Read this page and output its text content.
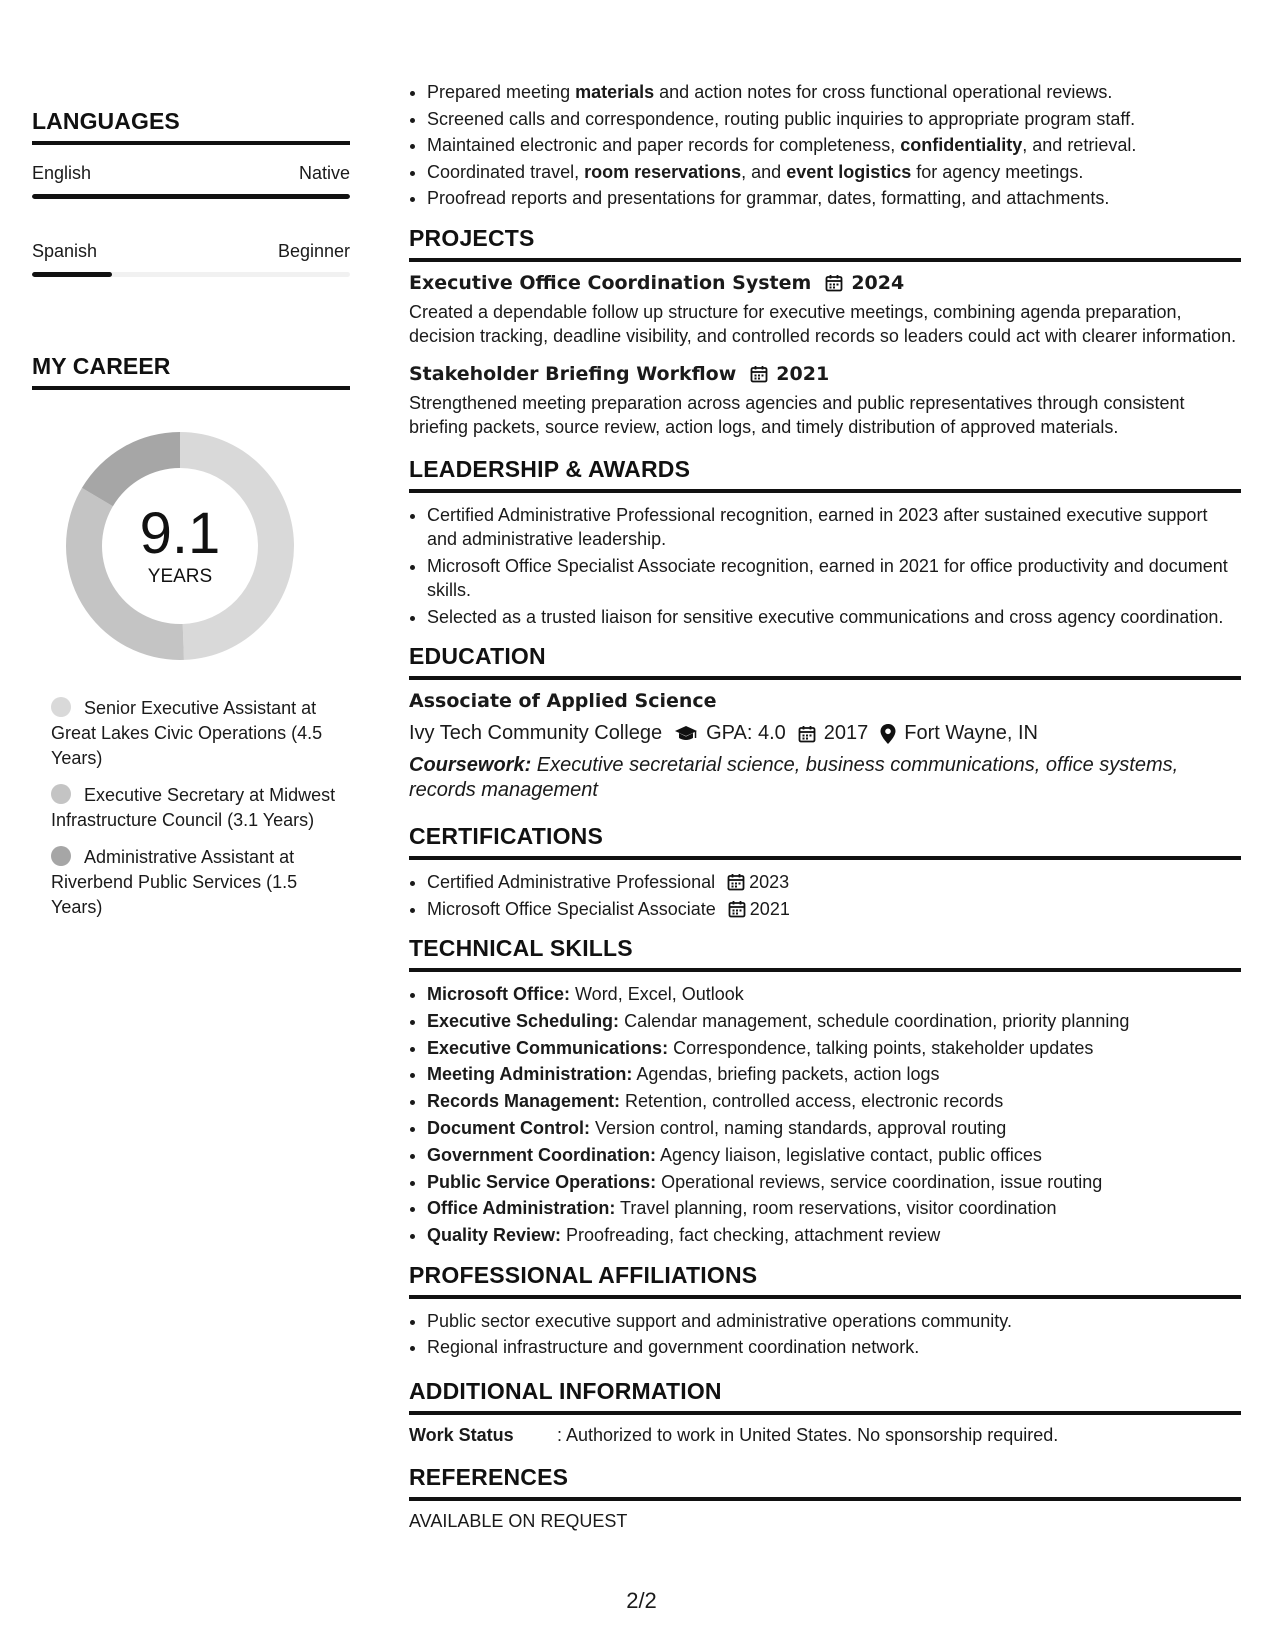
LANGUAGES
English	Native
Spanish	Beginner
MY CAREER
9.1
YEARS
Senior Executive Assistant at Great Lakes Civic Operations (4.5 Years)
Executive Secretary at Midwest Infrastructure Council (3.1 Years)
Administrative Assistant at Riverbend Public Services (1.5 Years)
• Prepared meeting materials and action notes for cross functional operational reviews.
• Screened calls and correspondence, routing public inquiries to appropriate program staff.
• Maintained electronic and paper records for completeness, confidentiality, and retrieval.
• Coordinated travel, room reservations, and event logistics for agency meetings.
• Proofread reports and presentations for grammar, dates, formatting, and attachments.
PROJECTS
Executive Office Coordination System 2024
Created a dependable follow up structure for executive meetings, combining agenda preparation, decision tracking, deadline visibility, and controlled records so leaders could act with clearer information.
Stakeholder Briefing Workflow 2021
Strengthened meeting preparation across agencies and public representatives through consistent briefing packets, source review, action logs, and timely distribution of approved materials.
LEADERSHIP & AWARDS
• Certified Administrative Professional recognition, earned in 2023 after sustained executive support and administrative leadership.
• Microsoft Office Specialist Associate recognition, earned in 2021 for office productivity and document skills.
• Selected as a trusted liaison for sensitive executive communications and cross agency coordination.
EDUCATION
Associate of Applied Science
Ivy Tech Community College GPA: 4.0 2017 Fort Wayne, IN
Coursework: Executive secretarial science, business communications, office systems, records management
CERTIFICATIONS
• Certified Administrative Professional 2023
• Microsoft Office Specialist Associate 2021
TECHNICAL SKILLS
• Microsoft Office: Word, Excel, Outlook
• Executive Scheduling: Calendar management, schedule coordination, priority planning
• Executive Communications: Correspondence, talking points, stakeholder updates
• Meeting Administration: Agendas, briefing packets, action logs
• Records Management: Retention, controlled access, electronic records
• Document Control: Version control, naming standards, approval routing
• Government Coordination: Agency liaison, legislative contact, public offices
• Public Service Operations: Operational reviews, service coordination, issue routing
• Office Administration: Travel planning, room reservations, visitor coordination
• Quality Review: Proofreading, fact checking, attachment review
PROFESSIONAL AFFILIATIONS
• Public sector executive support and administrative operations community.
• Regional infrastructure and government coordination network.
ADDITIONAL INFORMATION
Work Status	: Authorized to work in United States. No sponsorship required.
REFERENCES
AVAILABLE ON REQUEST
2/2
